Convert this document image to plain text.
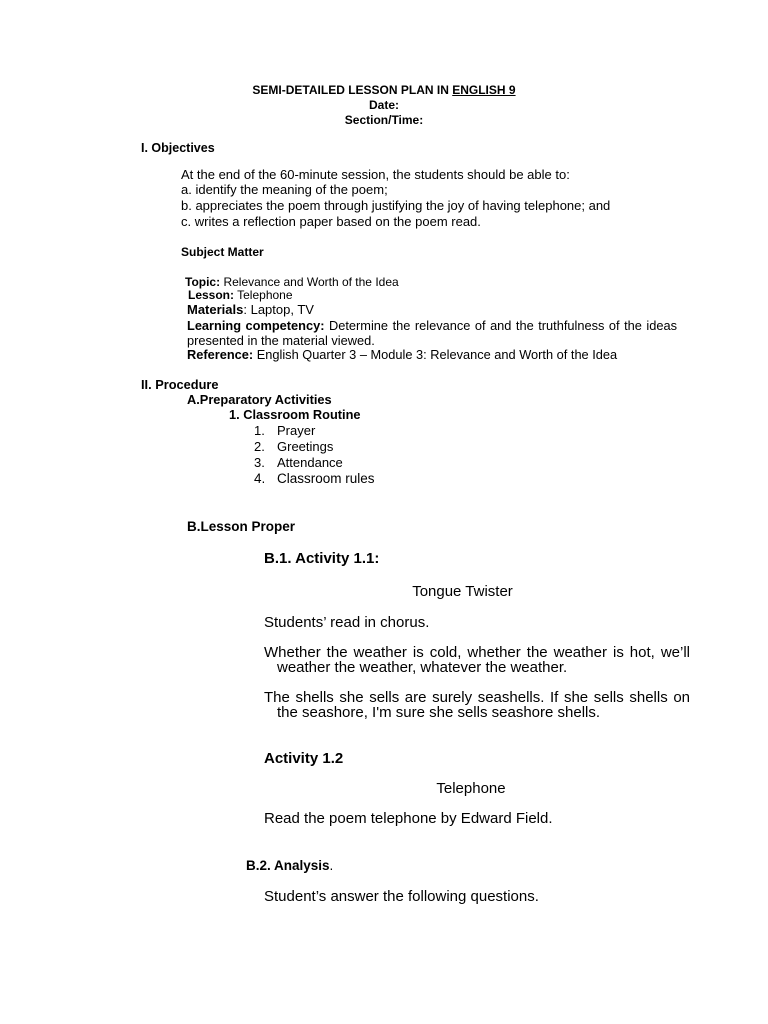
SEMI-DETAILED LESSON PLAN IN ENGLISH 9
Date:
Section/Time:
I. Objectives
At the end of the 60-minute session, the students should be able to:
a. identify the meaning of the poem;
b. appreciates the poem through justifying the joy of having telephone; and
c. writes a reflection paper based on the poem read.
Subject Matter
Topic: Relevance and Worth of the Idea
Lesson: Telephone
Materials: Laptop, TV
Learning competency: Determine the relevance of and the truthfulness of the ideas presented in the material viewed.
Reference: English Quarter 3 – Module 3: Relevance and Worth of the Idea
II. Procedure
A.Preparatory Activities
1. Classroom Routine
1. Prayer
2. Greetings
3. Attendance
4. Classroom rules
B.Lesson Proper
B.1. Activity 1.1:
Tongue Twister
Students’ read in chorus.
Whether the weather is cold, whether the weather is hot, we’ll weather the weather, whatever the weather.
The shells she sells are surely seashells. If she sells shells on the seashore, I'm sure she sells seashore shells.
Activity 1.2
Telephone
Read the poem telephone by Edward Field.
B.2. Analysis.
Student’s answer the following questions.
